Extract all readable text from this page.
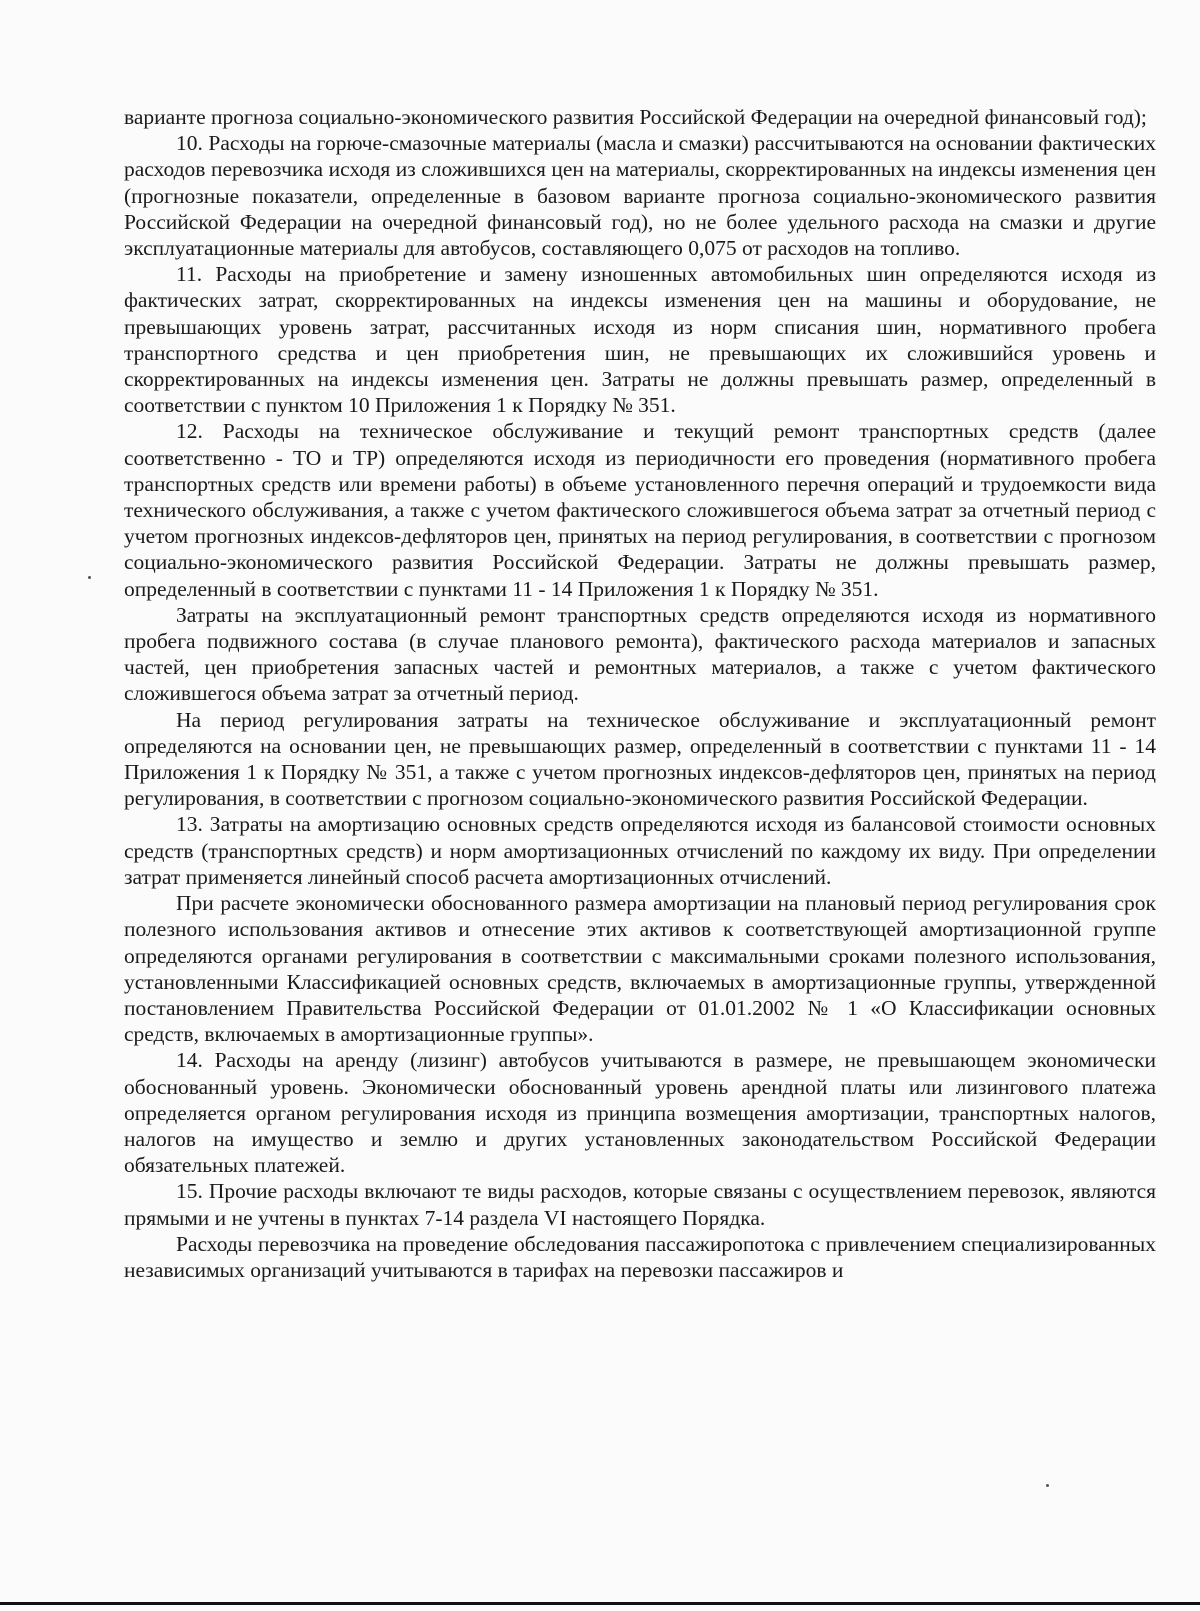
варианте прогноза социально-экономического развития Российской Федерации на очередной финансовый год);

10. Расходы на горюче-смазочные материалы (масла и смазки) рассчитываются на основании фактических расходов перевозчика исходя из сложившихся цен на материалы, скорректированных на индексы изменения цен (прогнозные показатели, определенные в базовом варианте прогноза социально-экономического развития Российской Федерации на очередной финансовый год), но не более удельного расхода на смазки и другие эксплуатационные материалы для автобусов, составляющего 0,075 от расходов на топливо.

11. Расходы на приобретение и замену изношенных автомобильных шин определяются исходя из фактических затрат, скорректированных на индексы изменения цен на машины и оборудование, не превышающих уровень затрат, рассчитанных исходя из норм списания шин, нормативного пробега транспортного средства и цен приобретения шин, не превышающих их сложившийся уровень и скорректированных на индексы изменения цен. Затраты не должны превышать размер, определенный в соответствии с пунктом 10 Приложения 1 к Порядку № 351.

12. Расходы на техническое обслуживание и текущий ремонт транспортных средств (далее соответственно - ТО и ТР) определяются исходя из периодичности его проведения (нормативного пробега транспортных средств или времени работы) в объеме установленного перечня операций и трудоемкости вида технического обслуживания, а также с учетом фактического сложившегося объема затрат за отчетный период с учетом прогнозных индексов-дефляторов цен, принятых на период регулирования, в соответствии с прогнозом социально-экономического развития Российской Федерации. Затраты не должны превышать размер, определенный в соответствии с пунктами 11 - 14 Приложения 1 к Порядку № 351.

Затраты на эксплуатационный ремонт транспортных средств определяются исходя из нормативного пробега подвижного состава (в случае планового ремонта), фактического расхода материалов и запасных частей, цен приобретения запасных частей и ремонтных материалов, а также с учетом фактического сложившегося объема затрат за отчетный период.

На период регулирования затраты на техническое обслуживание и эксплуатационный ремонт определяются на основании цен, не превышающих размер, определенный в соответствии с пунктами 11 - 14 Приложения 1 к Порядку № 351, а также с учетом прогнозных индексов-дефляторов цен, принятых на период регулирования, в соответствии с прогнозом социально-экономического развития Российской Федерации.

13. Затраты на амортизацию основных средств определяются исходя из балансовой стоимости основных средств (транспортных средств) и норм амортизационных отчислений по каждому их виду. При определении затрат применяется линейный способ расчета амортизационных отчислений.

При расчете экономически обоснованного размера амортизации на плановый период регулирования срок полезного использования активов и отнесение этих активов к соответствующей амортизационной группе определяются органами регулирования в соответствии с максимальными сроками полезного использования, установленными Классификацией основных средств, включаемых в амортизационные группы, утвержденной постановлением Правительства Российской Федерации от 01.01.2002 № 1 «О Классификации основных средств, включаемых в амортизационные группы».

14. Расходы на аренду (лизинг) автобусов учитываются в размере, не превышающем экономически обоснованный уровень. Экономически обоснованный уровень арендной платы или лизингового платежа определяется органом регулирования исходя из принципа возмещения амортизации, транспортных налогов, налогов на имущество и землю и других установленных законодательством Российской Федерации обязательных платежей.

15. Прочие расходы включают те виды расходов, которые связаны с осуществлением перевозок, являются прямыми и не учтены в пунктах 7-14 раздела VI настоящего Порядка.

Расходы перевозчика на проведение обследования пассажиропотока с привлечением специализированных независимых организаций учитываются в тарифах на перевозки пассажиров и
